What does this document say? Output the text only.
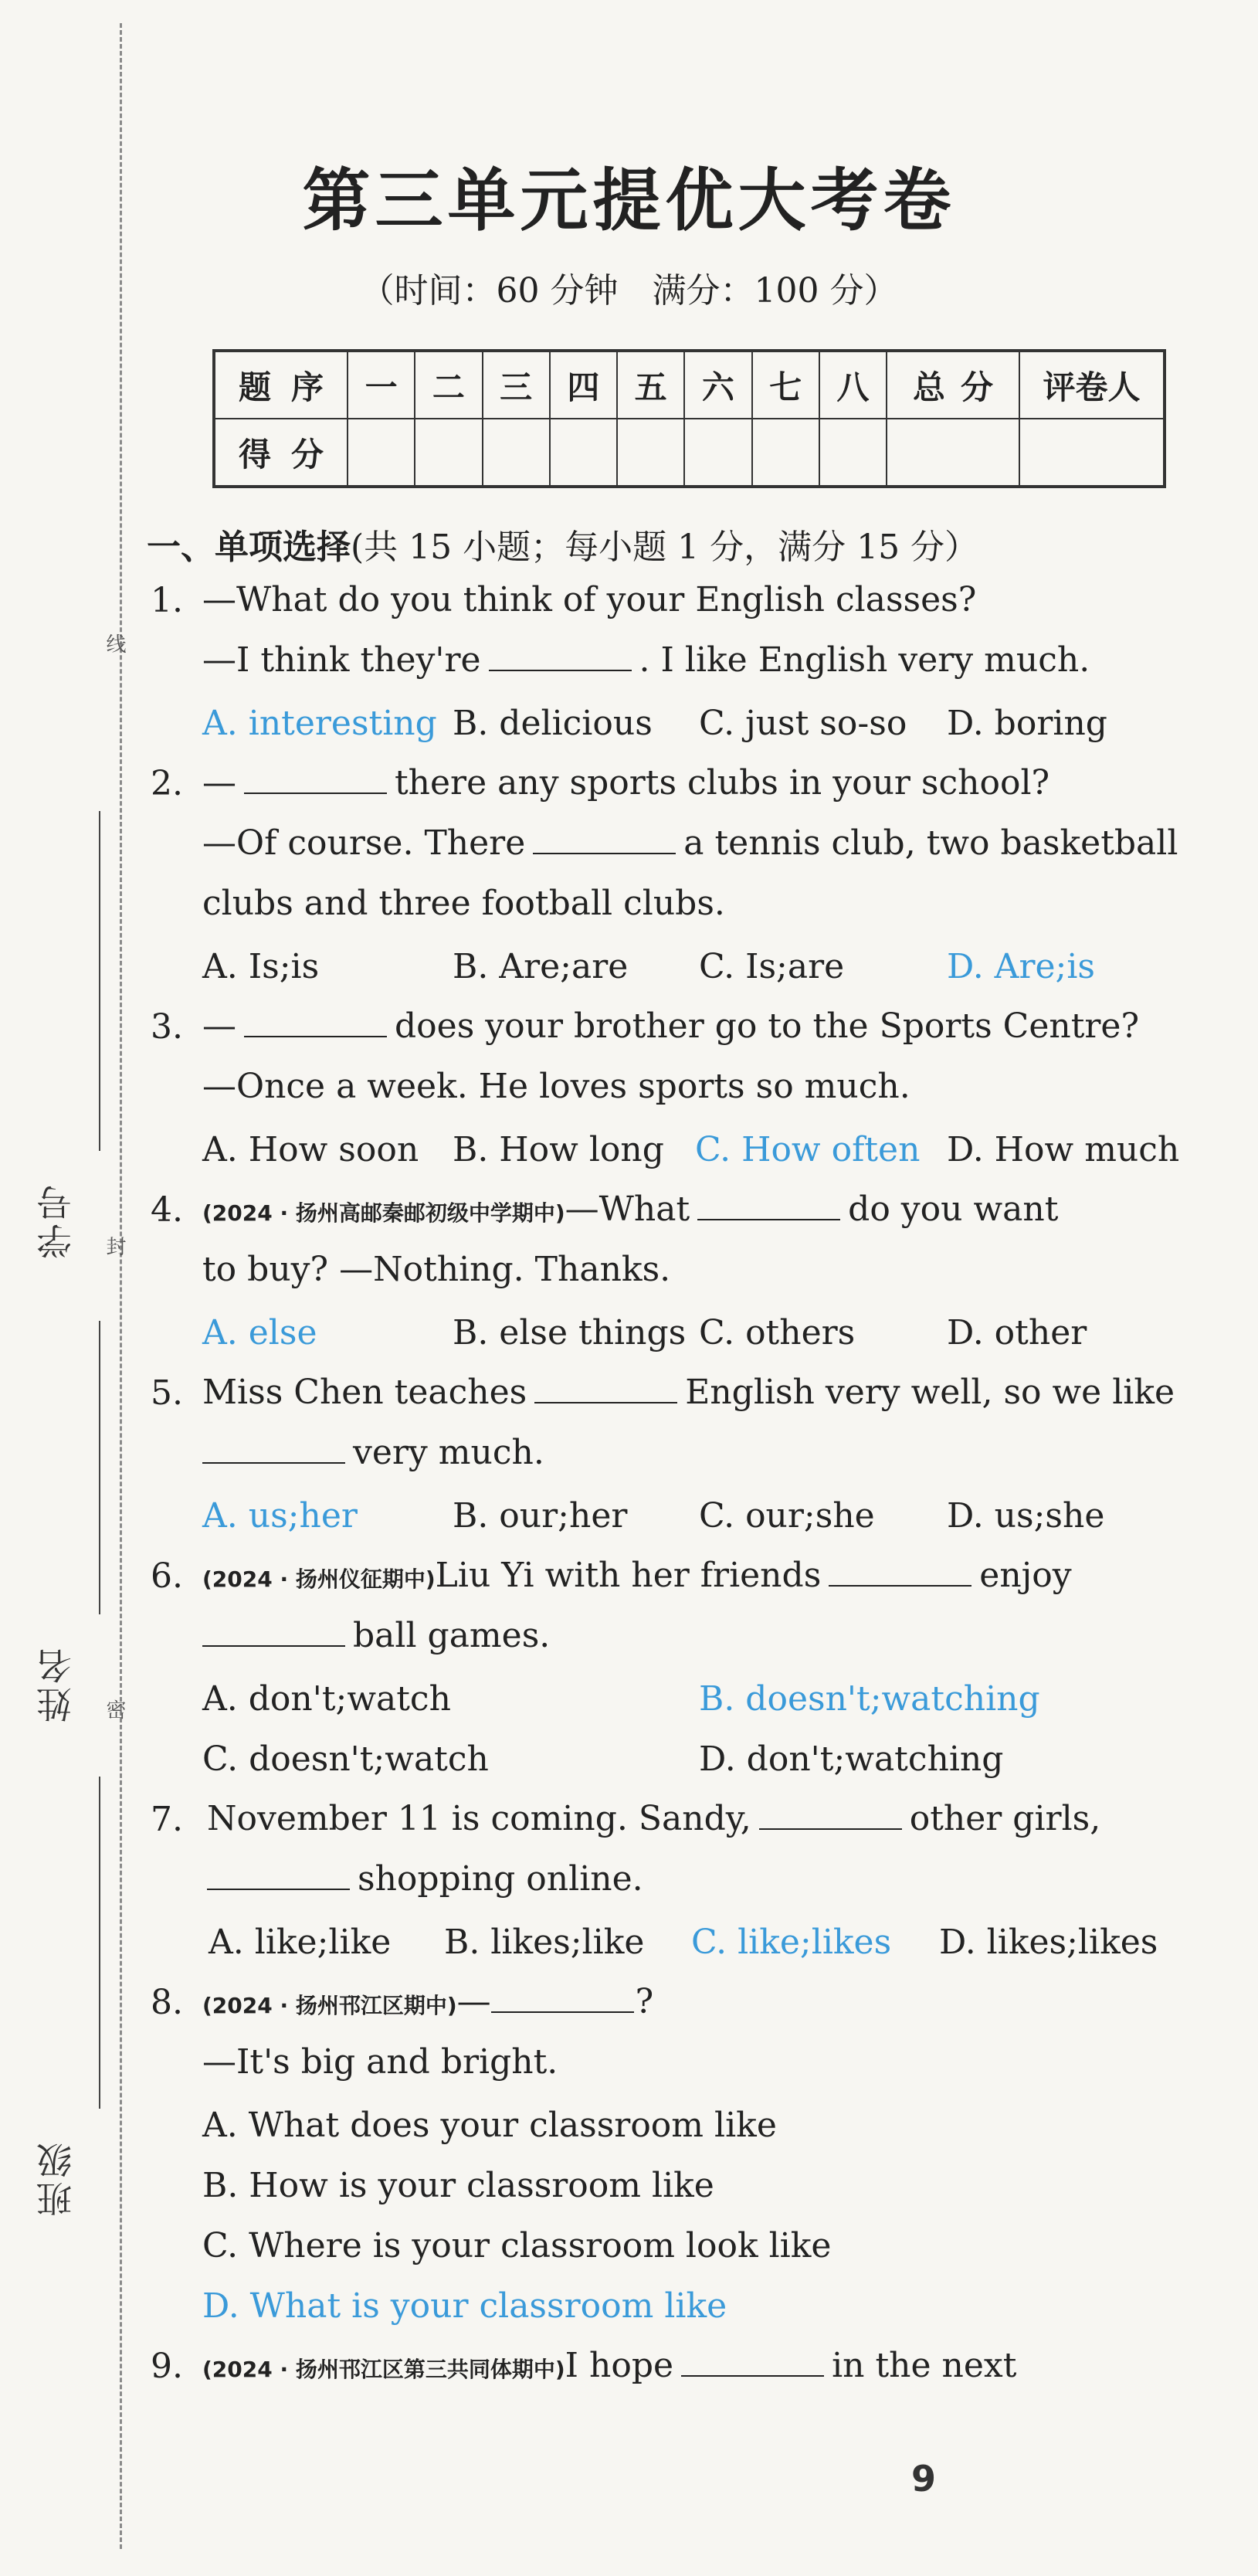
线
封
密
学号
姓名
班级
第三单元提优大考卷
（时间：60 分钟　满分：100 分）
题序	一	二	三	四	五	六	七	八	总分	评卷人
得分										
一、单项选择(共 15 小题；每小题 1 分，满分 15 分）
1. —What do you think of your English classes?
—I think they're	. I like English very much.
A. interesting B. delicious C. just so-so D. boring
2. —	there any sports clubs in your school?
—Of course. There	a tennis club, two basketball
clubs and three football clubs.
A. Is;is	B. Are;are C. Is;are	D. Are;is
3. —	does your brother go to the Sports Centre?
—Once a week. He loves sports so much.
A. How soon B. How long C. How often D. How much
4. (2024 · 扬州高邮秦邮初级中学期中)—What	do you want
to buy? —Nothing. Thanks.
A. else	B. else things C. others	D. other
5. Miss Chen teaches	English very well, so we like
very much.
A. us;her	B. our;her C. our;she D. us;she
6. (2024 · 扬州仪征期中)Liu Yi with her friends	enjoy
ball games.
A. don't;watch	B. doesn't;watching
C. doesn't;watch	D. don't;watching
7. November 11 is coming. Sandy,	other girls,
shopping online.
A. like;like B. likes;like C. like;likes D. likes;likes
8. (2024 · 扬州邗江区期中)—	?
—It's big and bright.
A. What does your classroom like
B. How is your classroom like
C. Where is your classroom look like
D. What is your classroom like
9. (2024 · 扬州邗江区第三共同体期中)I hope	in the next
9
